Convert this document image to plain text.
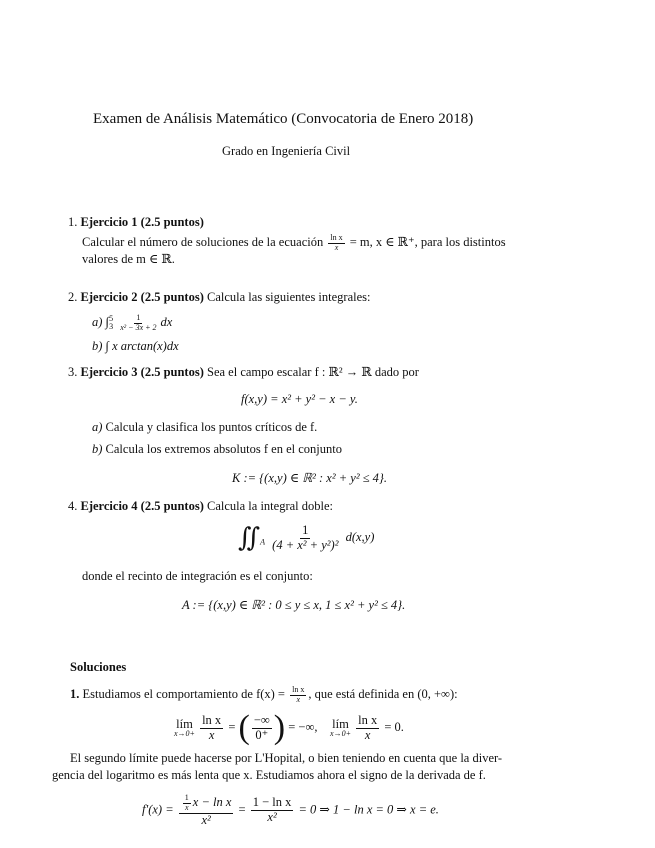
Examen de Análisis Matemático (Convocatoria de Enero 2018)
Grado en Ingeniería Civil
1. Ejercicio 1 (2.5 puntos)
Calcular el número de soluciones de la ecuación $\frac{\text{ln x}}{x} = m$, x ∈ ℝ⁺, para los distintos
valores de m ∈ ℝ.
2. Ejercicio 2 (2.5 puntos) Calcula las siguientes integrales:
a) ∫ 5
3
$\frac{1}{\text{x² − 3x + 2}}$ dx
b) ∫ x arctan(x)dx
3. Ejercicio 3 (2.5 puntos) Sea el campo escalar f : ℝ² → ℝ dado por
f(x,y) = x² + y² − x − y.
a) Calcula y clasifica los puntos críticos de f.
b) Calcula los extremos absolutos f en el conjunto
K := {(x,y) ∈ ℝ² : x² + y² ≤ 4}.
4. Ejercicio 4 (2.5 puntos) Calcula la integral doble:
$∬_A \frac{1}{\text{(4 + x² + y²)²}} d(x,y)$
donde el recinto de integración es el conjunto:
A := {(x,y) ∈ ℝ² : 0 ≤ y ≤ x, 1 ≤ x² + y² ≤ 4}.
Soluciones
1. Estudiamos el comportamiento de $f(x) = \frac{\text{ln x}}{x}$ , que está definida en (0, +∞):
lím
x→0+
$\frac{\text{ln x}}{x}$ = ( $\frac{-\infty}{0^+}$ ) = −∞, lím
x→0+
$\frac{\text{ln x}}{x} = 0$.
El segundo límite puede hacerse por L'Hopital, o bien teniendo en cuenta que la diver-
gencia del logaritmo es más lenta que x. Estudiamos ahora el signo de la derivada de f.
$f'(x) = \frac{\frac{1}{x} x - \ln x}{\text{x²}} = \frac{\text{1 − ln x}}{\text{x²}} = 0$ ⇒ 1 − ln x = 0 ⇒ x = e.
